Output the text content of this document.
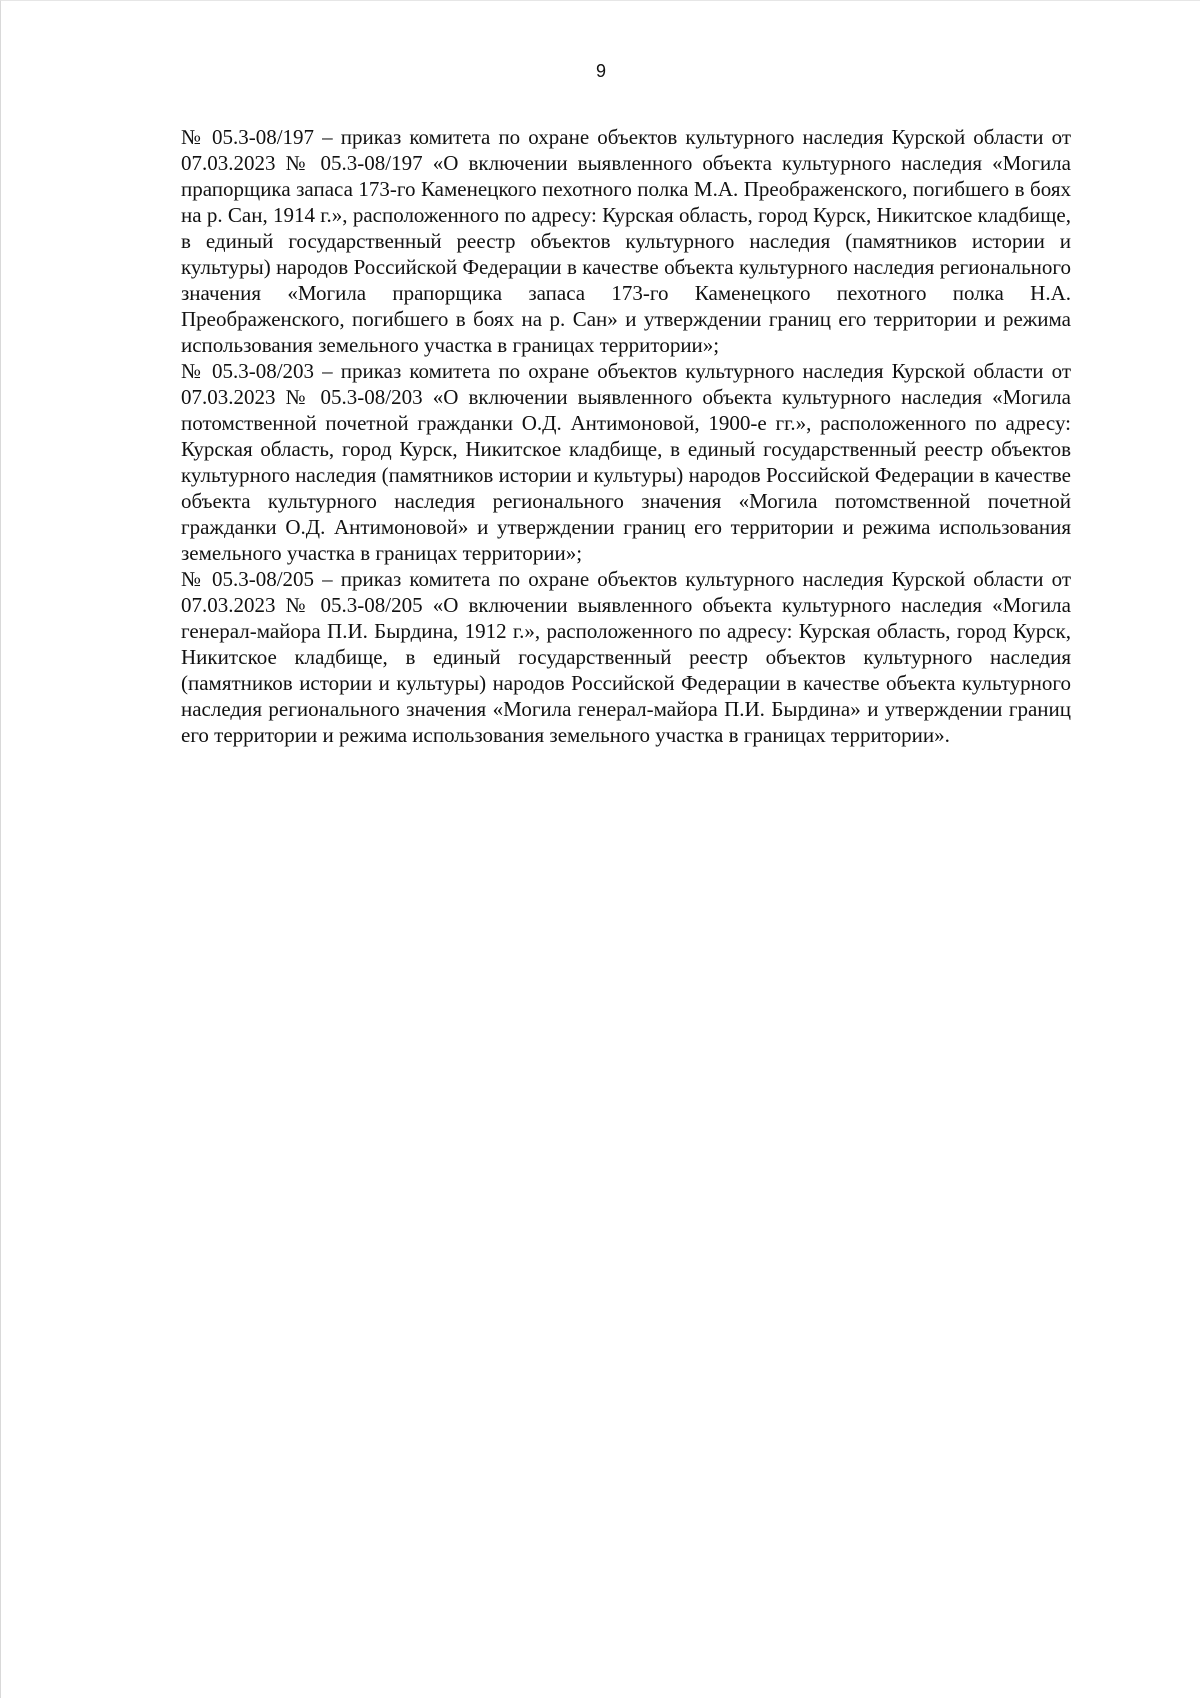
9

№ 05.3-08/197 – приказ комитета по охране объектов культурного наследия Курской области от 07.03.2023 № 05.3-08/197 «О включении выявленного объекта культурного наследия «Могила прапорщика запаса 173-го Каменецкого пехотного полка М.А. Преображенского, погибшего в боях на р. Сан, 1914 г.», расположенного по адресу: Курская область, город Курск, Никитское кладбище, в единый государственный реестр объектов культурного наследия (памятников истории и культуры) народов Российской Федерации в качестве объекта культурного наследия регионального значения «Могила прапорщика запаса 173-го Каменецкого пехотного полка Н.А. Преображенского, погибшего в боях на р. Сан» и утверждении границ его территории и режима использования земельного участка в границах территории»;

№ 05.3-08/203 – приказ комитета по охране объектов культурного наследия Курской области от 07.03.2023 № 05.3-08/203 «О включении выявленного объекта культурного наследия «Могила потомственной почетной гражданки О.Д. Антимоновой, 1900-е гг.», расположенного по адресу: Курская область, город Курск, Никитское кладбище, в единый государственный реестр объектов культурного наследия (памятников истории и культуры) народов Российской Федерации в качестве объекта культурного наследия регионального значения «Могила потомственной почетной гражданки О.Д. Антимоновой» и утверждении границ его территории и режима использования земельного участка в границах территории»;

№ 05.3-08/205 – приказ комитета по охране объектов культурного наследия Курской области от 07.03.2023 № 05.3-08/205 «О включении выявленного объекта культурного наследия «Могила генерал-майора П.И. Бырдина, 1912 г.», расположенного по адресу: Курская область, город Курск, Никитское кладбище, в единый государственный реестр объектов культурного наследия (памятников истории и культуры) народов Российской Федерации в качестве объекта культурного наследия регионального значения «Могила генерал-майора П.И. Бырдина» и утверждении границ его территории и режима использования земельного участка в границах территории».
